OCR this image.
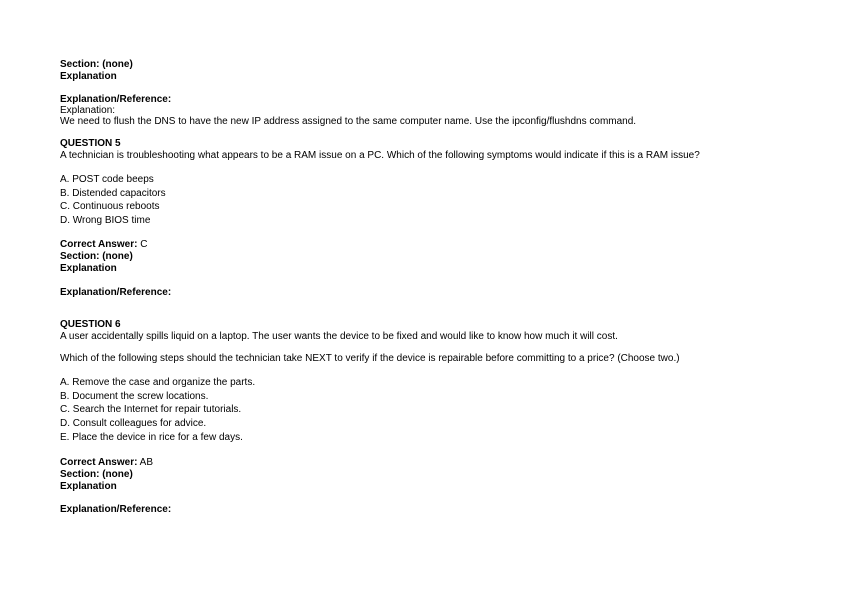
Section: (none)
Explanation
Explanation/Reference:
Explanation:
We need to flush the DNS to have the new IP address assigned to the same computer name. Use the ipconfig/flushdns command.
QUESTION 5
A technician is troubleshooting what appears to be a RAM issue on a PC. Which of the following symptoms would indicate if this is a RAM issue?
A. POST code beeps
B. Distended capacitors
C. Continuous reboots
D. Wrong BIOS time
Correct Answer: C
Section: (none)
Explanation
Explanation/Reference:
QUESTION 6
A user accidentally spills liquid on a laptop. The user wants the device to be fixed and would like to know how much it will cost.
Which of the following steps should the technician take NEXT to verify if the device is repairable before committing to a price? (Choose two.)
A. Remove the case and organize the parts.
B. Document the screw locations.
C. Search the Internet for repair tutorials.
D. Consult colleagues for advice.
E. Place the device in rice for a few days.
Correct Answer: AB
Section: (none)
Explanation
Explanation/Reference:
